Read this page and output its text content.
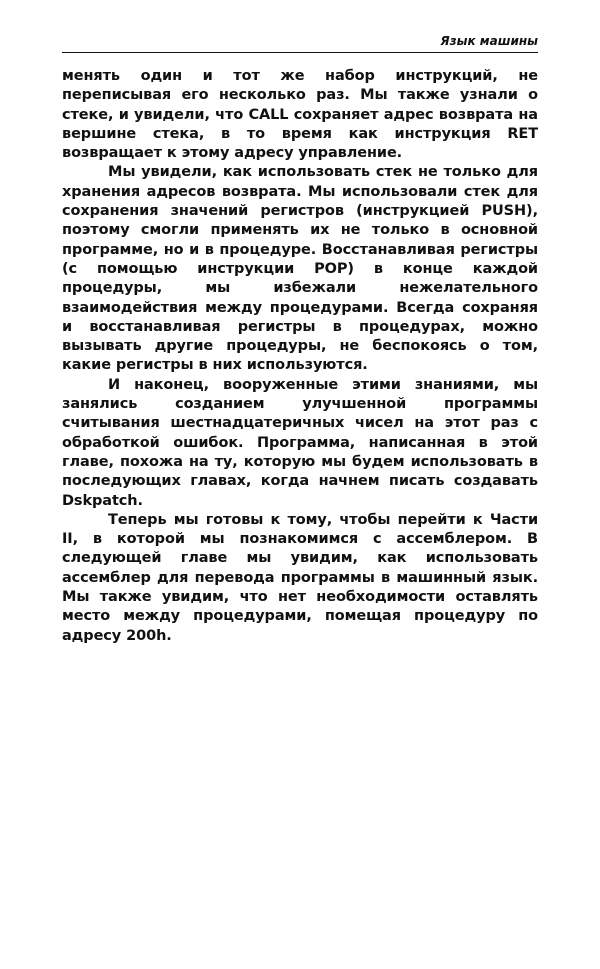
Язык машины

менять один и тот же набор инструкций, не переписывая его несколько раз. Мы также узнали о стеке, и увидели, что CALL сохраняет адрес возврата на вершине стека, в то время как инструкция RET возвращает к этому адресу управление.

Мы увидели, как использовать стек не только для хранения адресов возврата. Мы использовали стек для сохранения значений регистров (инструкцией PUSH), поэтому смогли применять их не только в основной программе, но и в процедуре. Восстанавливая регистры (с помощью инструкции POP) в конце каждой процедуры, мы избежали нежелательного взаимодействия между процедурами. Всегда сохраняя и восстанавливая регистры в процедурах, можно вызывать другие процедуры, не беспокоясь о том, какие регистры в них используются.

И наконец, вооруженные этими знаниями, мы занялись созданием улучшенной программы считывания шестнадцатеричных чисел на этот раз с обработкой ошибок. Программа, написанная в этой главе, похожа на ту, которую мы будем использовать в последующих главах, когда начнем писать создавать Dskpatch.

Теперь мы готовы к тому, чтобы перейти к Части II, в которой мы познакомимся с ассемблером. В следующей главе мы увидим, как использовать ассемблер для перевода программы в машинный язык. Мы также увидим, что нет необходимости оставлять место между процедурами, помещая процедуру по адресу 200h.
